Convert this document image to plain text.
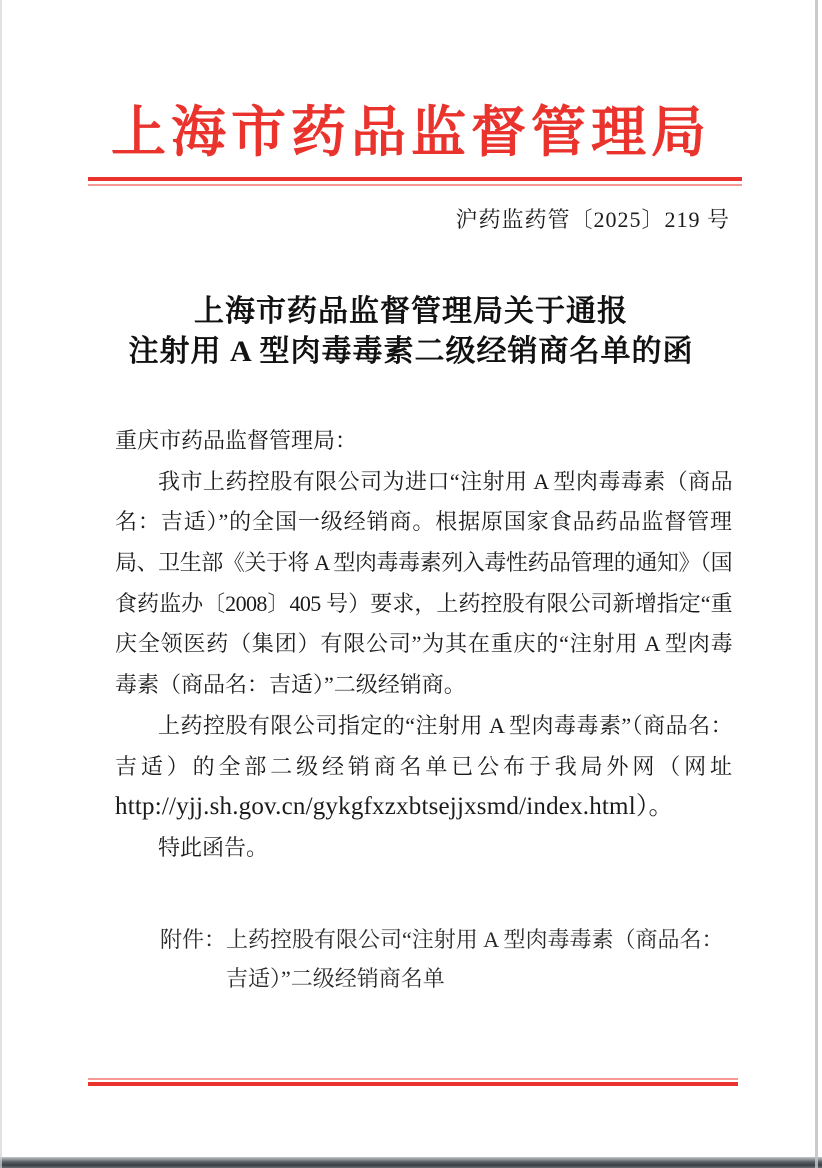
上海市药品监督管理局
沪药监药管〔2025〕219 号
上海市药品监督管理局关于通报
注射用 A 型肉毒毒素二级经销商名单的函
重庆市药品监督管理局：
我市上药控股有限公司为进口“注射用 A 型肉毒毒素（商品
名：吉适）”的全国一级经销商。根据原国家食品药品监督管理
局、卫生部《关于将 A 型肉毒毒素列入毒性药品管理的通知》（国
食药监办〔2008〕405 号）要求，上药控股有限公司新增指定“重
庆全领医药（集团）有限公司”为其在重庆的“注射用 A 型肉毒
毒素（商品名：吉适）”二级经销商。
上药控股有限公司指定的“注射用 A 型肉毒毒素”（商品名：
吉适）的全部二级经销商名单已公布于我局外网（网址
http://yjj.sh.gov.cn/gykgfxzxbtsejjxsmd/index.html）。
特此函告。
附件：上药控股有限公司“注射用 A 型肉毒毒素（商品名：
吉适）”二级经销商名单
